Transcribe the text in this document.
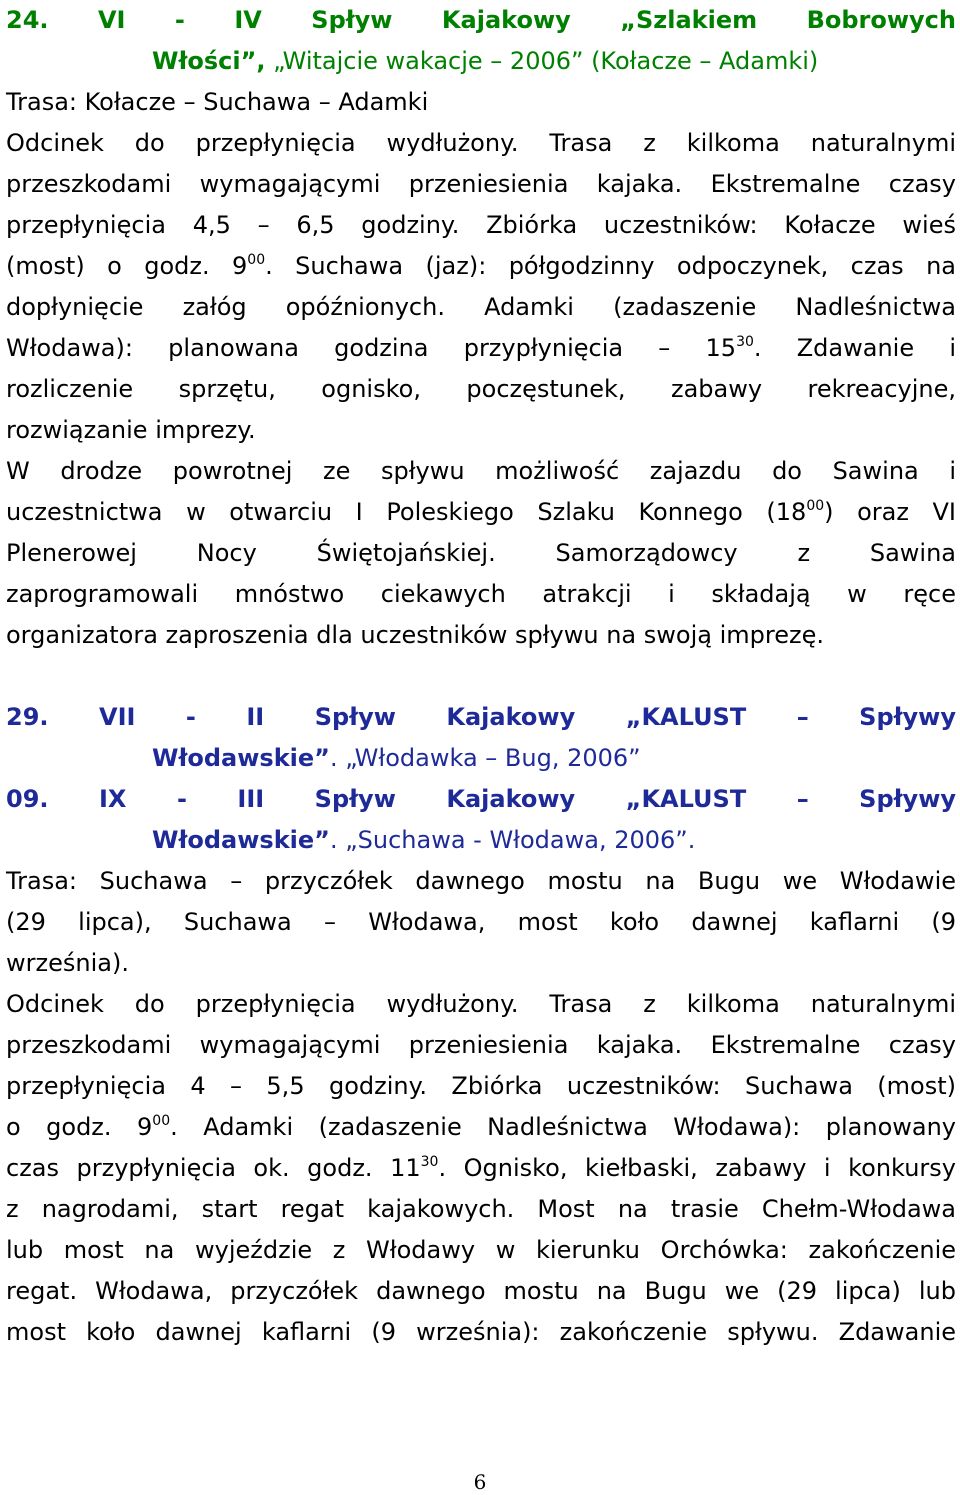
24. VI - IV Spływ Kajakowy „Szlakiem Bobrowych
Włości”, „Witajcie wakacje – 2006” (Kołacze – Adamki)
Trasa: Kołacze – Suchawa – Adamki
Odcinek do przepłynięcia wydłużony. Trasa z kilkoma naturalnymi
przeszkodami wymagającymi przeniesienia kajaka. Ekstremalne czasy
przepłynięcia 4,5 – 6,5 godziny. Zbiórka uczestników: Kołacze wieś
(most) o godz. $9^{00}$. Suchawa (jaz): półgodzinny odpoczynek, czas na
dopłynięcie załóg opóźnionych. Adamki (zadaszenie Nadleśnictwa
Włodawa): planowana godzina przypłynięcia – $15^{30}$. Zdawanie i
rozliczenie sprzętu, ognisko, poczęstunek, zabawy rekreacyjne,
rozwiązanie imprezy.
W drodze powrotnej ze spływu możliwość zajazdu do Sawina i
uczestnictwa w otwarciu I Poleskiego Szlaku Konnego $(18^{00})$ oraz VI
Plenerowej Nocy Świętojańskiej. Samorządowcy z Sawina
zaprogramowali mnóstwo ciekawych atrakcji i składają w ręce
organizatora zaproszenia dla uczestników spływu na swoją imprezę.
29. VII - II Spływ Kajakowy „KALUST – Spływy
Włodawskie”. „Włodawka – Bug, 2006”
09. IX - III Spływ Kajakowy „KALUST – Spływy
Włodawskie”. „Suchawa - Włodawa, 2006”.
Trasa: Suchawa – przyczółek dawnego mostu na Bugu we Włodawie
(29 lipca), Suchawa – Włodawa, most koło dawnej kaflarni (9
września).
Odcinek do przepłynięcia wydłużony. Trasa z kilkoma naturalnymi
przeszkodami wymagającymi przeniesienia kajaka. Ekstremalne czasy
przepłynięcia 4 – 5,5 godziny. Zbiórka uczestników: Suchawa (most)
o godz. $9^{00}$. Adamki (zadaszenie Nadleśnictwa Włodawa): planowany
czas przypłynięcia ok. godz. $11^{30}$. Ognisko, kiełbaski, zabawy i konkursy
z nagrodami, start regat kajakowych. Most na trasie Chełm-Włodawa
lub most na wyjeździe z Włodawy w kierunku Orchówka: zakończenie
regat. Włodawa, przyczółek dawnego mostu na Bugu we (29 lipca) lub
most koło dawnej kaflarni (9 września): zakończenie spływu. Zdawanie
6
